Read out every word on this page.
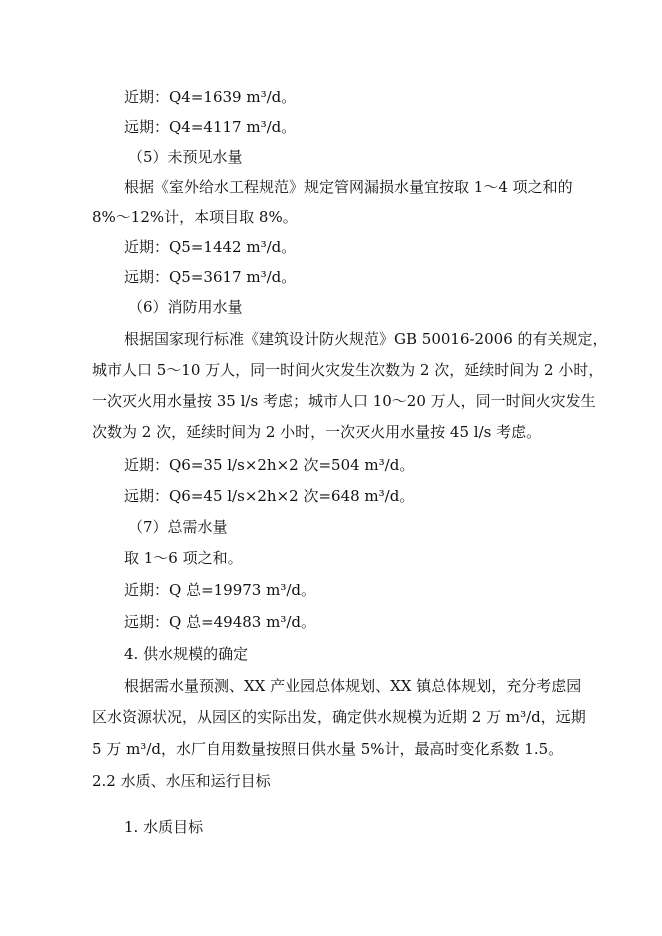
近期：Q4=1639 m³/d。
远期：Q4=4117 m³/d。
（5）未预见水量
根据《室外给水工程规范》规定管网漏损水量宜按取 1～4 项之和的
8%～12%计，本项目取 8%。
近期：Q5=1442 m³/d。
远期：Q5=3617 m³/d。
（6）消防用水量
根据国家现行标准《建筑设计防火规范》GB 50016-2006 的有关规定，
城市人口 5～10 万人，同一时间火灾发生次数为 2 次，延续时间为 2 小时，
一次灭火用水量按 35 l/s 考虑；城市人口 10～20 万人，同一时间火灾发生
次数为 2 次，延续时间为 2 小时，一次灭火用水量按 45 l/s 考虑。
近期：Q6=35 l/s×2h×2 次=504 m³/d。
远期：Q6=45 l/s×2h×2 次=648 m³/d。
（7）总需水量
取 1～6 项之和。
近期：Q 总=19973 m³/d。
远期：Q 总=49483 m³/d。
4. 供水规模的确定
根据需水量预测、XX 产业园总体规划、XX 镇总体规划，充分考虑园
区水资源状况，从园区的实际出发，确定供水规模为近期 2 万 m³/d，远期
5 万 m³/d，水厂自用数量按照日供水量 5%计，最高时变化系数 1.5。
2.2 水质、水压和运行目标
1. 水质目标
